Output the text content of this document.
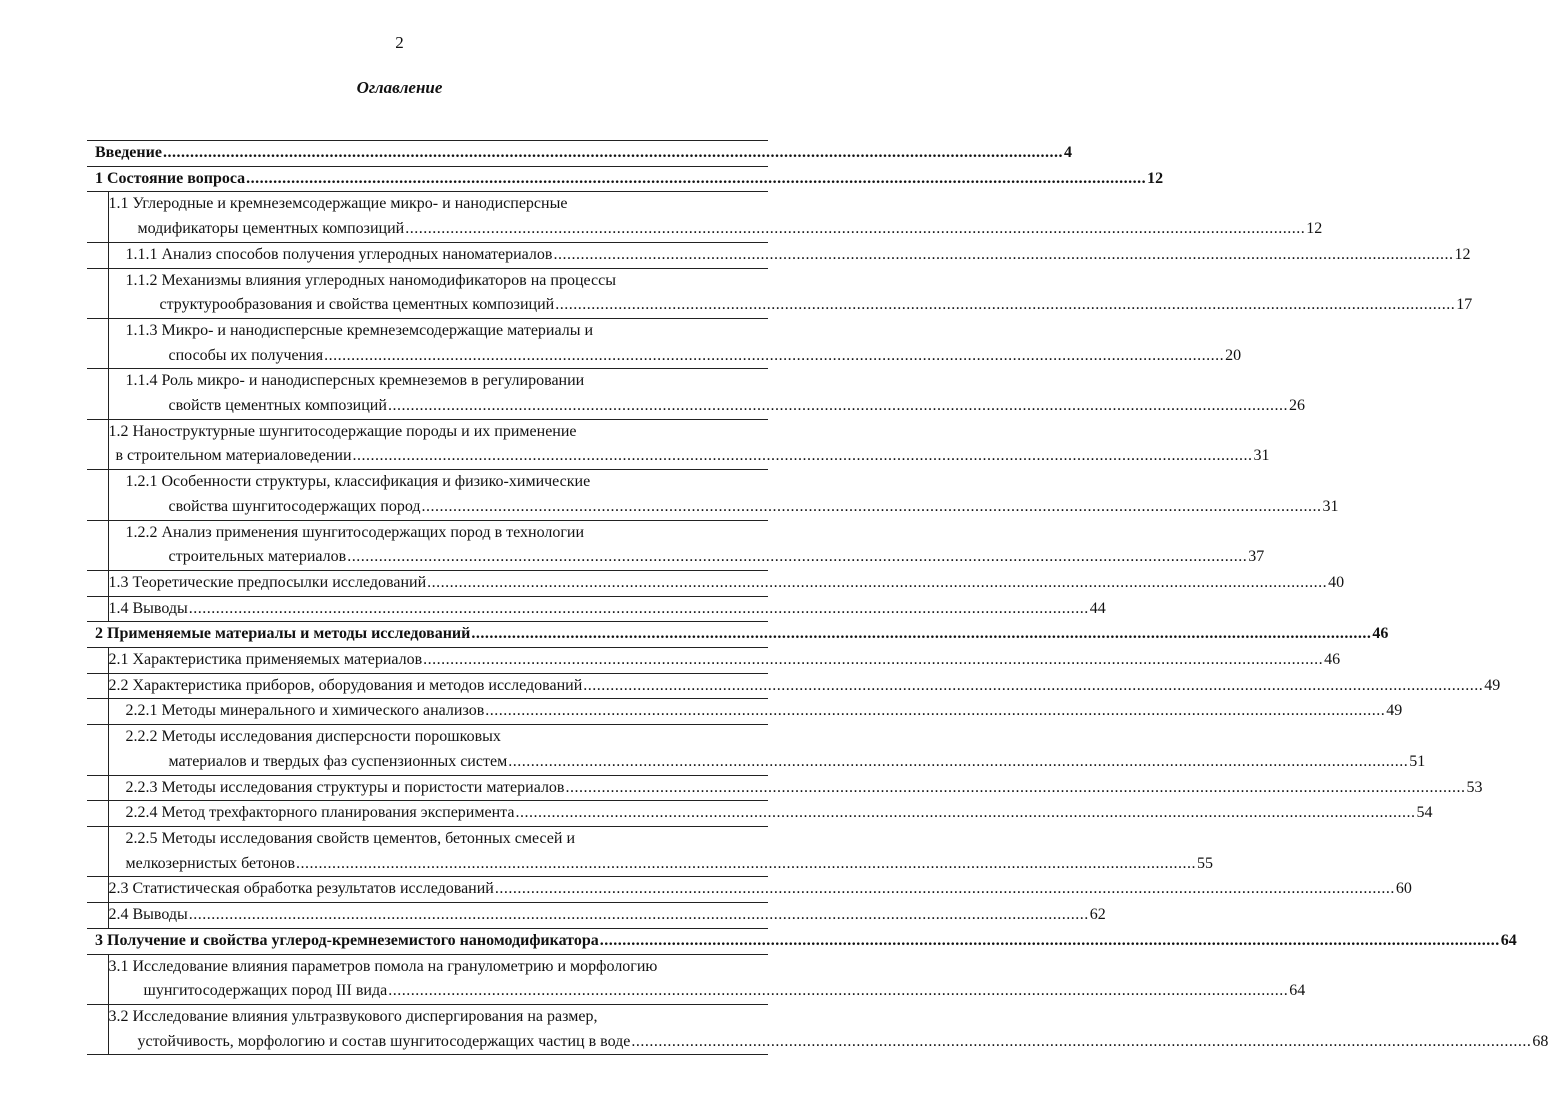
2
Оглавление
Введение ........................................................................................................................................................................................................ 4	

1 Состояние вопроса ........................................................................................................................................................................................................ 12	

	1.1 Углеродные и кремнеземсодержащие микро- и нанодисперсные
модификаторы цементных композиций ........................................................................................................................................................................................................ 12

	1.1.1 Анализ способов получения углеродных наноматериалов ........................................................................................................................................................................................................ 12

	1.1.2 Механизмы влияния углеродных наномодификаторов на процессы
структурообразования и свойства цементных композиций ........................................................................................................................................................................................................ 17

	1.1.3 Микро- и нанодисперсные кремнеземсодержащие материалы и
способы их получения ........................................................................................................................................................................................................ 20

	1.1.4 Роль микро- и нанодисперсных кремнеземов в регулировании
свойств цементных композиций ........................................................................................................................................................................................................ 26

	1.2 Наноструктурные шунгитосодержащие породы и их применение
в строительном материаловедении ........................................................................................................................................................................................................ 31

	1.2.1 Особенности структуры, классификация и физико-химические
свойства шунгитосодержащих пород ........................................................................................................................................................................................................ 31

	1.2.2 Анализ применения шунгитосодержащих пород в технологии
строительных материалов ........................................................................................................................................................................................................ 37

	1.3 Теоретические предпосылки исследований ........................................................................................................................................................................................................ 40

	1.4 Выводы ........................................................................................................................................................................................................ 44

2 Применяемые материалы и методы исследований ........................................................................................................................................................................................................ 46	

	2.1 Характеристика применяемых материалов ........................................................................................................................................................................................................ 46

	2.2 Характеристика приборов, оборудования и методов исследований ........................................................................................................................................................................................................ 49

	2.2.1 Методы минерального и химического анализов ........................................................................................................................................................................................................ 49

	2.2.2 Методы исследования дисперсности порошковых
материалов и твердых фаз суспензионных систем ........................................................................................................................................................................................................ 51

	2.2.3 Методы исследования структуры и пористости материалов ........................................................................................................................................................................................................ 53

	2.2.4 Метод трехфакторного планирования эксперимента ........................................................................................................................................................................................................ 54

	2.2.5 Методы исследования свойств цементов, бетонных смесей и
мелкозернистых бетонов ........................................................................................................................................................................................................ 55

	2.3 Статистическая обработка результатов исследований ........................................................................................................................................................................................................ 60

	2.4 Выводы ........................................................................................................................................................................................................ 62

3 Получение и свойства углерод-кремнеземистого наномодификатора ........................................................................................................................................................................................................ 64	

	3.1 Исследование влияния параметров помола на гранулометрию и морфологию
шунгитосодержащих пород III вида ........................................................................................................................................................................................................ 64

	3.2 Исследование влияния ультразвукового диспергирования на размер,
устойчивость, морфологию и состав шунгитосодержащих частиц в воде ........................................................................................................................................................................................................ 68
